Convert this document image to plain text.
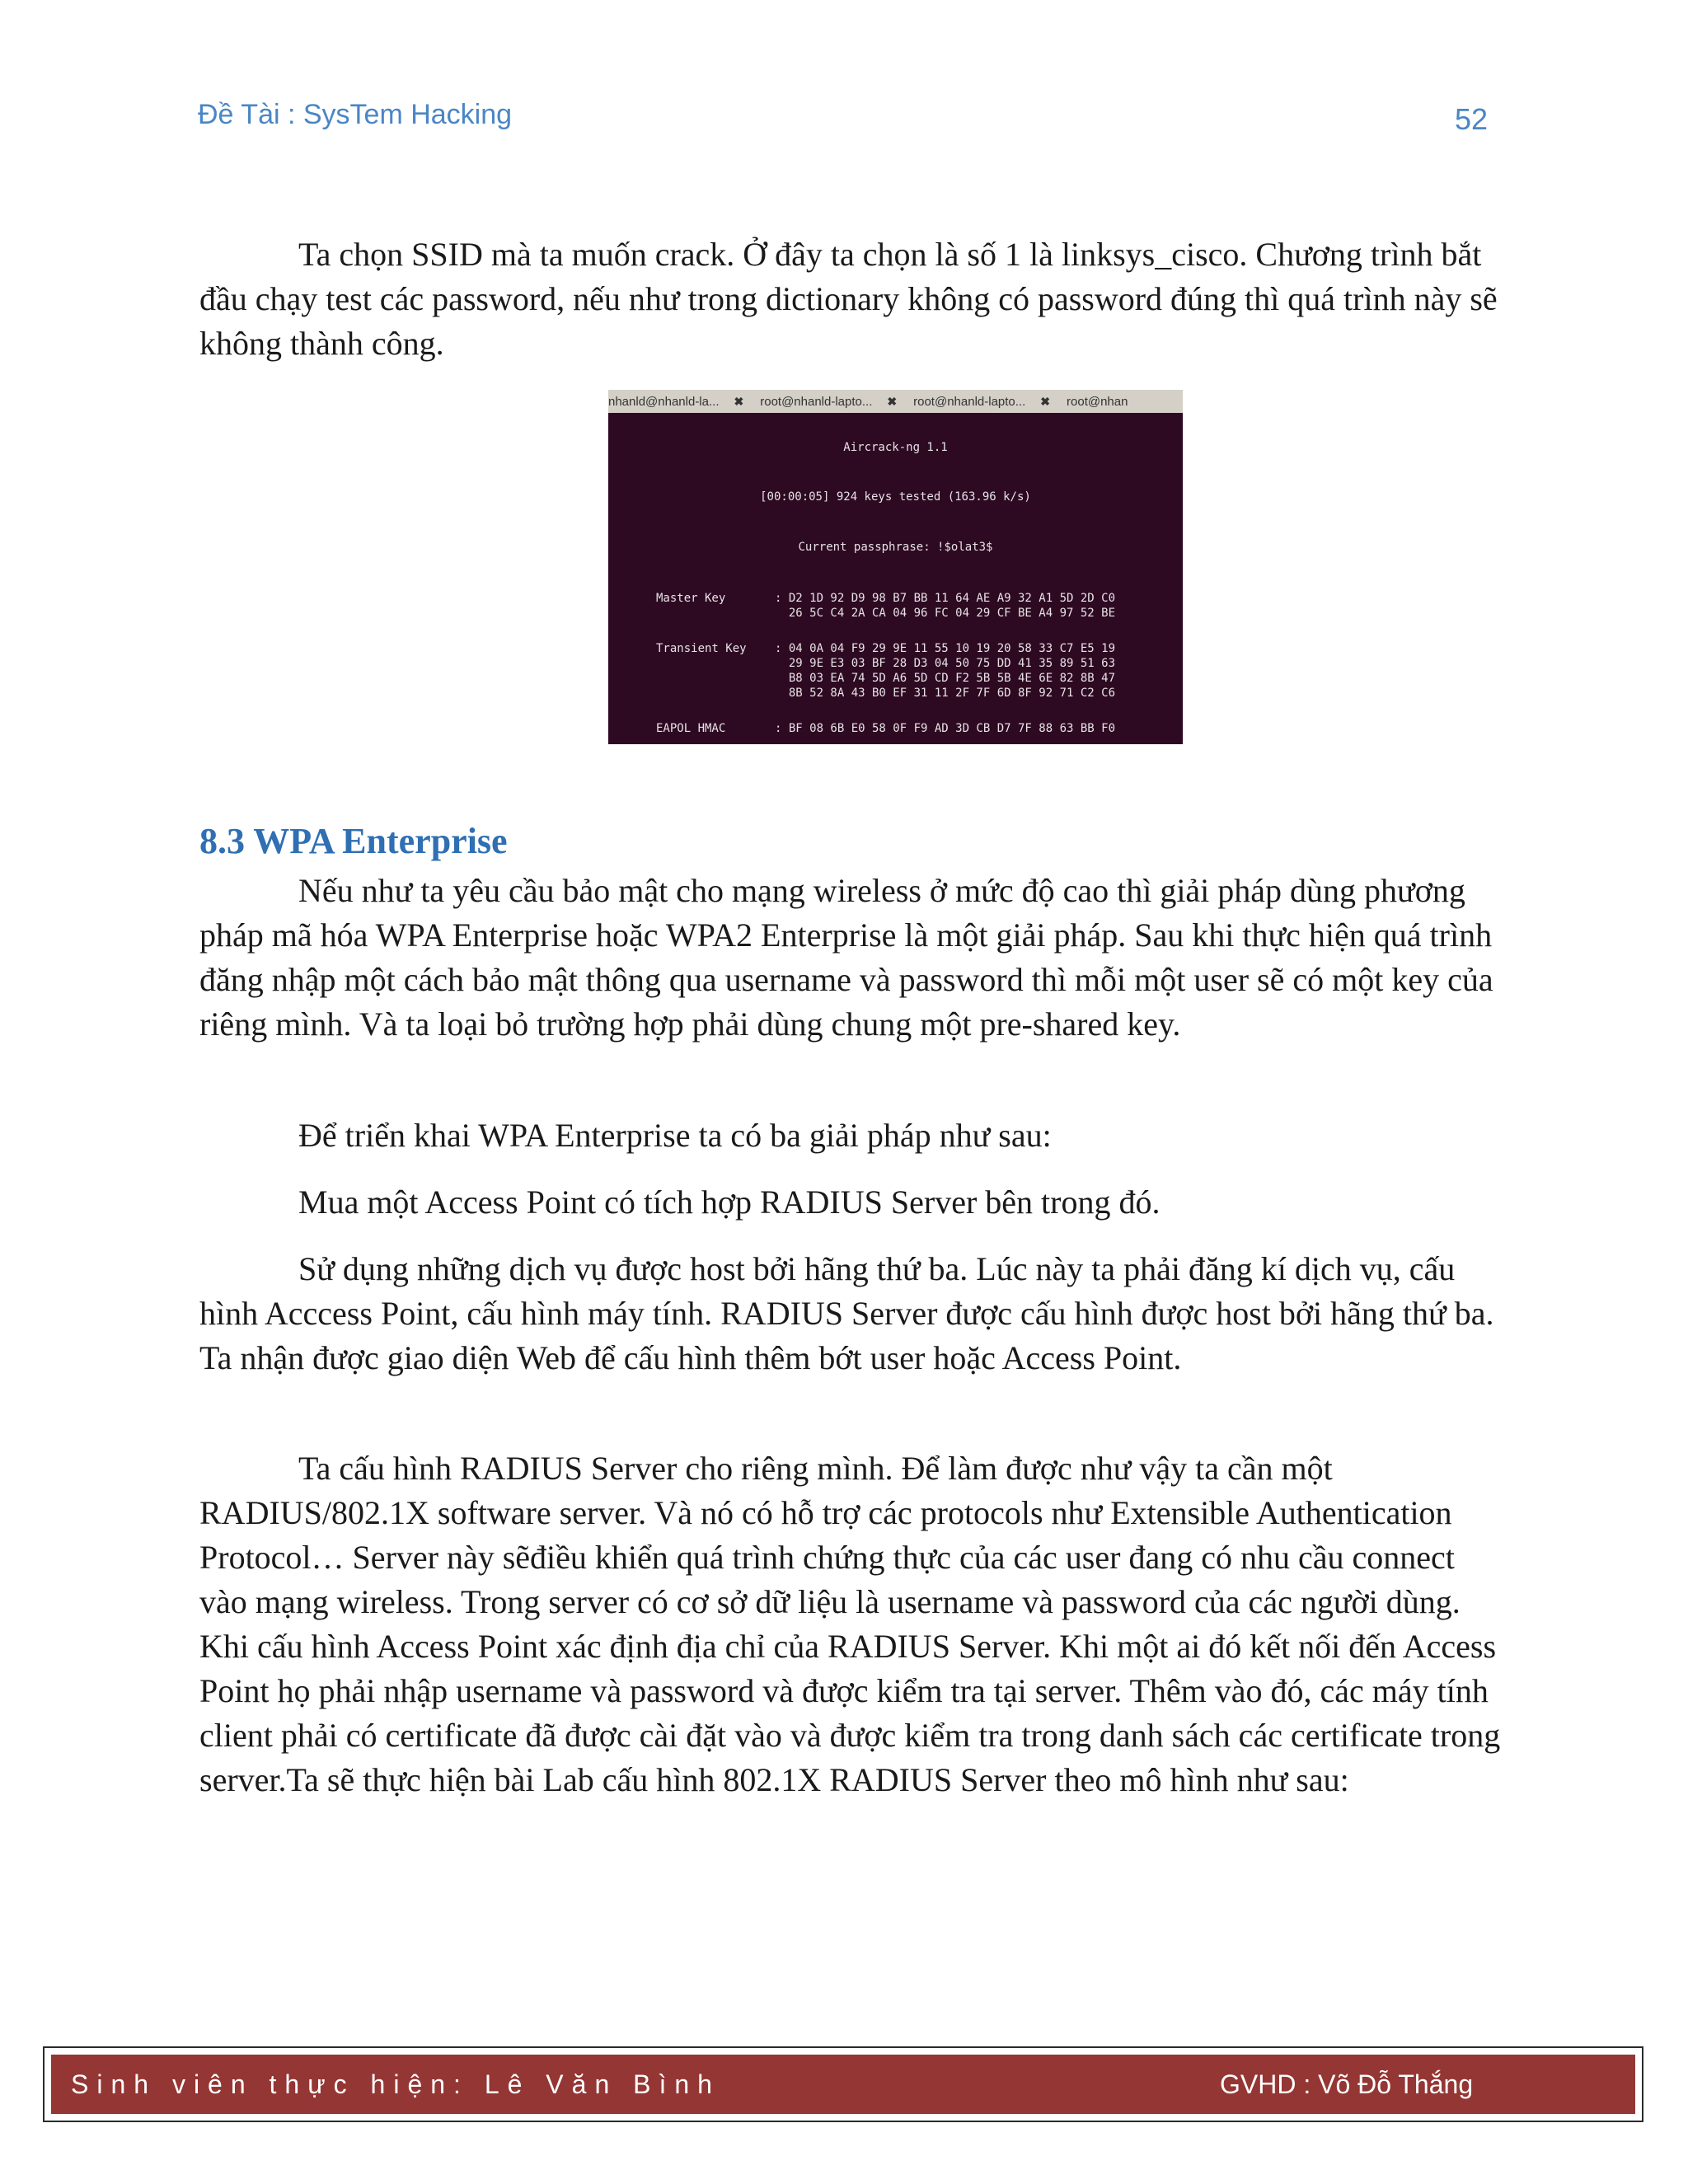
Đề Tài : SysTem Hacking	52

Ta chọn SSID mà ta muốn crack. Ở đây ta chọn là số 1 là linksys_cisco. Chương trình bắt đầu chạy test các password, nếu như trong dictionary không có password đúng thì quá trình này sẽ không thành công.

nhanld@nhanld-la... ✖ root@nhanld-lapto... ✖ root@nhanld-lapto... ✖ root@nhan
Aircrack-ng 1.1
[00:00:05] 924 keys tested (163.96 k/s)
Current passphrase: !$olat3$
Master Key	: D2 1D 92 D9 98 B7 BB 11 64 AE A9 32 A1 5D 2D C0
26 5C C4 2A CA 04 96 FC 04 29 CF BE A4 97 52 BE
Transient Key : 04 0A 04 F9 29 9E 11 55 10 19 20 58 33 C7 E5 19
29 9E E3 03 BF 28 D3 04 50 75 DD 41 35 89 51 63
B8 03 EA 74 5D A6 5D CD F2 5B 5B 4E 6E 82 8B 47
8B 52 8A 43 B0 EF 31 11 2F 7F 6D 8F 92 71 C2 C6
EAPOL HMAC	: BF 08 6B E0 58 0F F9 AD 3D CB D7 7F 88 63 BB F0
8.3 WPA Enterprise

Nếu như ta yêu cầu bảo mật cho mạng wireless ở mức độ cao thì giải pháp dùng phương pháp mã hóa WPA Enterprise hoặc WPA2 Enterprise là một giải pháp. Sau khi thực hiện quá trình đăng nhập một cách bảo mật thông qua username và password thì mỗi một user sẽ có một key của riêng mình. Và ta loại bỏ trường hợp phải dùng chung một pre-shared key.

Để triển khai WPA Enterprise ta có ba giải pháp như sau:

Mua một Access Point có tích hợp RADIUS Server bên trong đó.

Sử dụng những dịch vụ được host bởi hãng thứ ba. Lúc này ta phải đăng kí dịch vụ, cấu hình Acccess Point, cấu hình máy tính. RADIUS Server được cấu hình được host bởi hãng thứ ba. Ta nhận được giao diện Web để cấu hình thêm bớt user hoặc Access Point.

Ta cấu hình RADIUS Server cho riêng mình. Để làm được như vậy ta cần một RADIUS/802.1X software server. Và nó có hỗ trợ các protocols như Extensible Authentication Protocol… Server này sẽđiều khiển quá trình chứng thực của các user đang có nhu cầu connect vào mạng wireless. Trong server có cơ sở dữ liệu là username và password của các người dùng. Khi cấu hình Access Point xác định địa chỉ của RADIUS Server. Khi một ai đó kết nối đến Access Point họ phải nhập username và password và được kiểm tra tại server. Thêm vào đó, các máy tính client phải có certificate đã được cài đặt vào và được kiểm tra trong danh sách các certificate trong server.Ta sẽ thực hiện bài Lab cấu hình 802.1X RADIUS Server theo mô hình như sau:

Sinh viên thực hiện: Lê Văn Bình	GVHD : Võ Đỗ Thắng
